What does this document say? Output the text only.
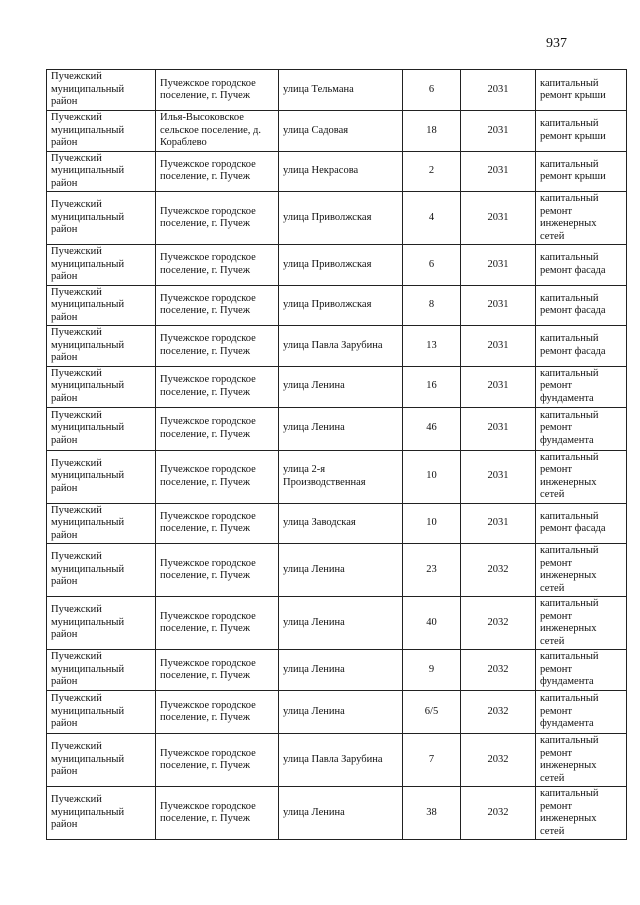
937
Пучежский муниципальный район	Пучежское городское поселение, г. Пучеж	улица Тельмана	6	2031	капитальный ремонт крыши
Пучежский муниципальный район	Илья-Высоковское сельское поселение, д. Кораблево	улица Садовая	18	2031	капитальный ремонт крыши
Пучежский муниципальный район	Пучежское городское поселение, г. Пучеж	улица Некрасова	2	2031	капитальный ремонт крыши
Пучежский муниципальный район	Пучежское городское поселение, г. Пучеж	улица Приволжская	4	2031	капитальный ремонт инженерных сетей
Пучежский муниципальный район	Пучежское городское поселение, г. Пучеж	улица Приволжская	6	2031	капитальный ремонт фасада
Пучежский муниципальный район	Пучежское городское поселение, г. Пучеж	улица Приволжская	8	2031	капитальный ремонт фасада
Пучежский муниципальный район	Пучежское городское поселение, г. Пучеж	улица Павла Зарубина	13	2031	капитальный ремонт фасада
Пучежский муниципальный район	Пучежское городское поселение, г. Пучеж	улица Ленина	16	2031	капитальный ремонт фундамента
Пучежский муниципальный район	Пучежское городское поселение, г. Пучеж	улица Ленина	46	2031	капитальный ремонт фундамента
Пучежский муниципальный район	Пучежское городское поселение, г. Пучеж	улица 2-я Производственная	10	2031	капитальный ремонт инженерных сетей
Пучежский муниципальный район	Пучежское городское поселение, г. Пучеж	улица Заводская	10	2031	капитальный ремонт фасада
Пучежский муниципальный район	Пучежское городское поселение, г. Пучеж	улица Ленина	23	2032	капитальный ремонт инженерных сетей
Пучежский муниципальный район	Пучежское городское поселение, г. Пучеж	улица Ленина	40	2032	капитальный ремонт инженерных сетей
Пучежский муниципальный район	Пучежское городское поселение, г. Пучеж	улица Ленина	9	2032	капитальный ремонт фундамента
Пучежский муниципальный район	Пучежское городское поселение, г. Пучеж	улица Ленина	6/5	2032	капитальный ремонт фундамента
Пучежский муниципальный район	Пучежское городское поселение, г. Пучеж	улица Павла Зарубина	7	2032	капитальный ремонт инженерных сетей
Пучежский муниципальный район	Пучежское городское поселение, г. Пучеж	улица Ленина	38	2032	капитальный ремонт инженерных сетей
